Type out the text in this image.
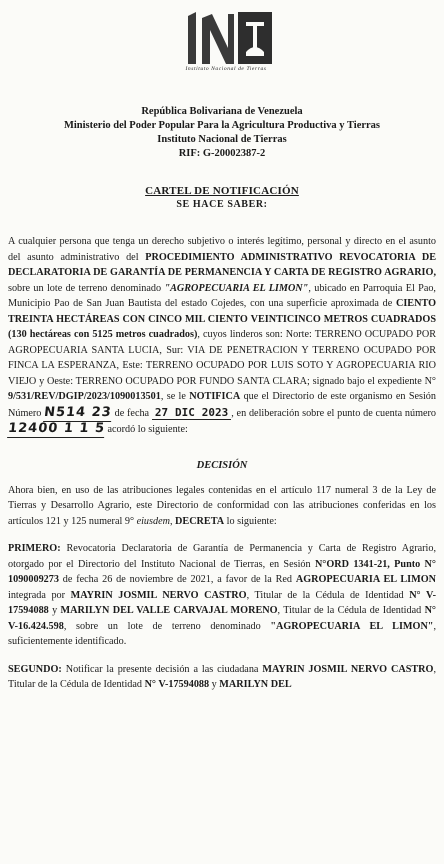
Instituto Nacional de Tierras
República Bolivariana de Venezuela
Ministerio del Poder Popular Para la Agricultura Productiva y Tierras
Instituto Nacional de Tierras
RIF: G-20002387-2
CARTEL DE NOTIFICACIÓN
SE HACE SABER:

A cualquier persona que tenga un derecho subjetivo o interés legítimo, personal y directo en el asunto del asunto administrativo del PROCEDIMIENTO ADMINISTRATIVO REVOCATORIA DE DECLARATORIA DE GARANTÍA DE PERMANENCIA Y CARTA DE REGISTRO AGRARIO, sobre un lote de terreno denominado "AGROPECUARIA EL LIMON", ubicado en Parroquia El Pao, Municipio Pao de San Juan Bautista del estado Cojedes, con una superficie aproximada de CIENTO TREINTA HECTÁREAS CON CINCO MIL CIENTO VEINTICINCO METROS CUADRADOS (130 hectáreas con 5125 metros cuadrados), cuyos linderos son: Norte: TERRENO OCUPADO POR AGROPECUARIA SANTA LUCIA, Sur: VIA DE PENETRACION Y TERRENO OCUPADO POR FINCA LA ESPERANZA, Este: TERRENO OCUPADO POR LUIS SOTO Y AGROPECUARIA RIO VIEJO y Oeste: TERRENO OCUPADO POR FUNDO SANTA CLARA; signado bajo el expediente N° 9/531/REV/DGIP/2023/1090013501, se le NOTIFICA que el Directorio de este organismo en Sesión Número N514 23 de fecha 27 DIC 2023 , en deliberación sobre el punto de cuenta número 12400 1 1 5 acordó lo siguiente:

DECISIÓN

Ahora bien, en uso de las atribuciones legales contenidas en el artículo 117 numeral 3 de la Ley de Tierras y Desarrollo Agrario, este Directorio de conformidad con las atribuciones conferidas en los artículos 121 y 125 numeral 9° eiusdem, DECRETA lo siguiente:

PRIMERO: Revocatoria Declaratoria de Garantía de Permanencia y Carta de Registro Agrario, otorgado por el Directorio del Instituto Nacional de Tierras, en Sesión N°ORD 1341-21, Punto N° 1090009273 de fecha 26 de noviembre de 2021, a favor de la Red AGROPECUARIA EL LIMON integrada por MAYRIN JOSMIL NERVO CASTRO, Titular de la Cédula de Identidad N° V-17594088 y MARILYN DEL VALLE CARVAJAL MORENO, Titular de la Cédula de Identidad N° V-16.424.598, sobre un lote de terreno denominado "AGROPECUARIA EL LIMON", suficientemente identificado.

SEGUNDO: Notificar la presente decisión a las ciudadana MAYRIN JOSMIL NERVO CASTRO, Titular de la Cédula de Identidad N° V-17594088 y MARILYN DEL
